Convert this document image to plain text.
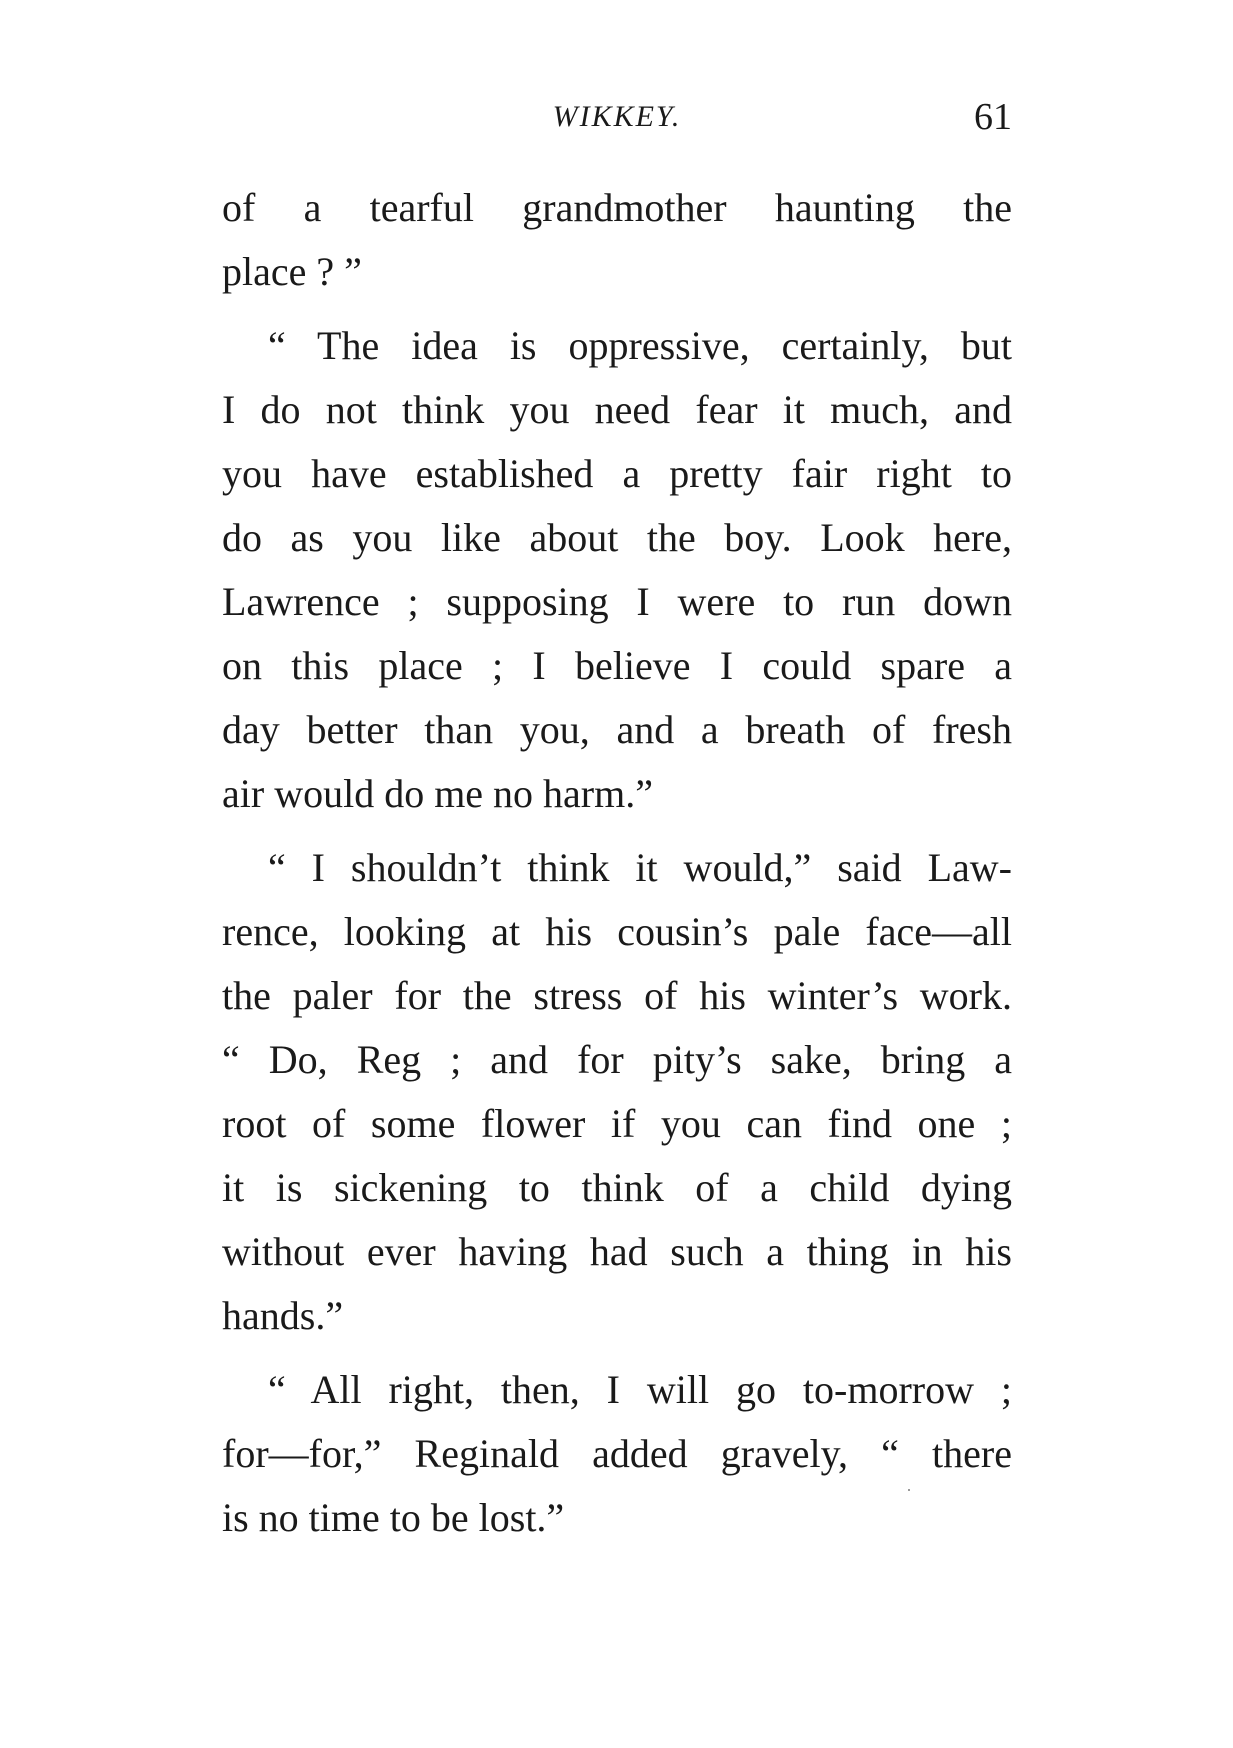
WIKKEY.	61
of a tearful grandmother haunting the
place ? ”
“ The idea is oppressive, certainly, but
I do not think you need fear it much, and
you have established a pretty fair right to
do as you like about the boy. Look here,
Lawrence ; supposing I were to run down
on this place ; I believe I could spare a
day better than you, and a breath of fresh
air would do me no harm.”
“ I shouldn’t think it would,” said Law-
rence, looking at his cousin’s pale face—all
the paler for the stress of his winter’s work.
“ Do, Reg ; and for pity’s sake, bring a
root of some flower if you can find one ;
it is sickening to think of a child dying
without ever having had such a thing in his
hands.”
“ All right, then, I will go to-morrow ;
for—for,” Reginald added gravely, “ there
is no time to be lost.”
